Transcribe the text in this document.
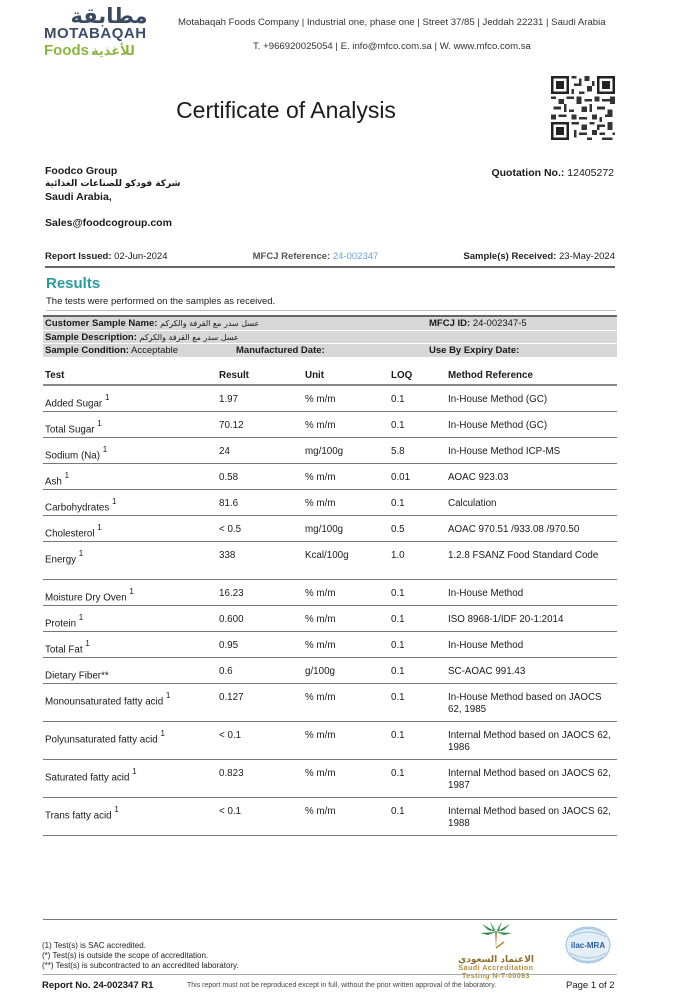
مطابقة
MOTABAQAH
Foods للأغذية
Motabaqah Foods Company | Industrial one, phase one | Street 37/85 | Jeddah 22231 | Saudi Arabia
T. +966920025054 | E. info@mfco.com.sa | W. www.mfco.com.sa
Certificate of Analysis
Foodco Group
شركة فودكو للصناعات الغذائية
Saudi Arabia,
Sales@foodcogroup.com
Quotation No.: 12405272
Report Issued: 02-Jun-2024	MFCJ Reference: 24-002347	Sample(s) Received: 23-May-2024
Results
The tests were performed on the samples as received.
Customer Sample Name: عسل سدر مع القرفة والكركم	MFCJ ID: 24-002347-5
Sample Description: عسل سدر مع القرفة والكركم
Sample Condition: Acceptable	Manufactured Date:	Use By Expiry Date:
Test	Result	Unit	LOQ	Method Reference
Added Sugar $^1$	1.97	% m/m	0.1	In-House Method (GC)
Total Sugar $^1$	70.12	% m/m	0.1	In-House Method (GC)
Sodium (Na) $^1$	24	mg/100g	5.8	In-House Method ICP-MS
Ash $^1$	0.58	% m/m	0.01	AOAC 923.03
Carbohydrates $^1$	81.6	% m/m	0.1	Calculation
Cholesterol $^1$	< 0.5	mg/100g	0.5	AOAC 970.51 /933.08 /970.50
Energy $^1$	338	Kcal/100g	1.0	1.2.8 FSANZ Food Standard Code
Moisture Dry Oven $^1$	16.23	% m/m	0.1	In-House Method
Protein $^1$	0.600	% m/m	0.1	ISO 8968-1/IDF 20-1:2014
Total Fat $^1$	0.95	% m/m	0.1	In-House Method
Dietary Fiber**	0.6	g/100g	0.1	SC-AOAC 991.43
Monounsaturated fatty acid $^1$	0.127	% m/m	0.1	In-House Method based on JAOCS 62, 1985
Polyunsaturated fatty acid $^1$	< 0.1	% m/m	0.1	Internal Method based on JAOCS 62, 1986
Saturated fatty acid $^1$	0.823	% m/m	0.1	Internal Method based on JAOCS 62, 1987
Trans fatty acid $^1$	< 0.1	% m/m	0.1	Internal Method based on JAOCS 62, 1988
(1) Test(s) is SAC accredited.
(*) Test(s) is outside the scope of accreditation.
(**) Test(s) is subcontracted to an accredited laboratory.
الاعتماد السعودي
Saudi Accreditation
Testing N-T-00093
ilac-MRA
Report No. 24-002347 R1	This report must not be reproduced except in full, without the prior written approval of the laboratory.	Page 1 of 2
